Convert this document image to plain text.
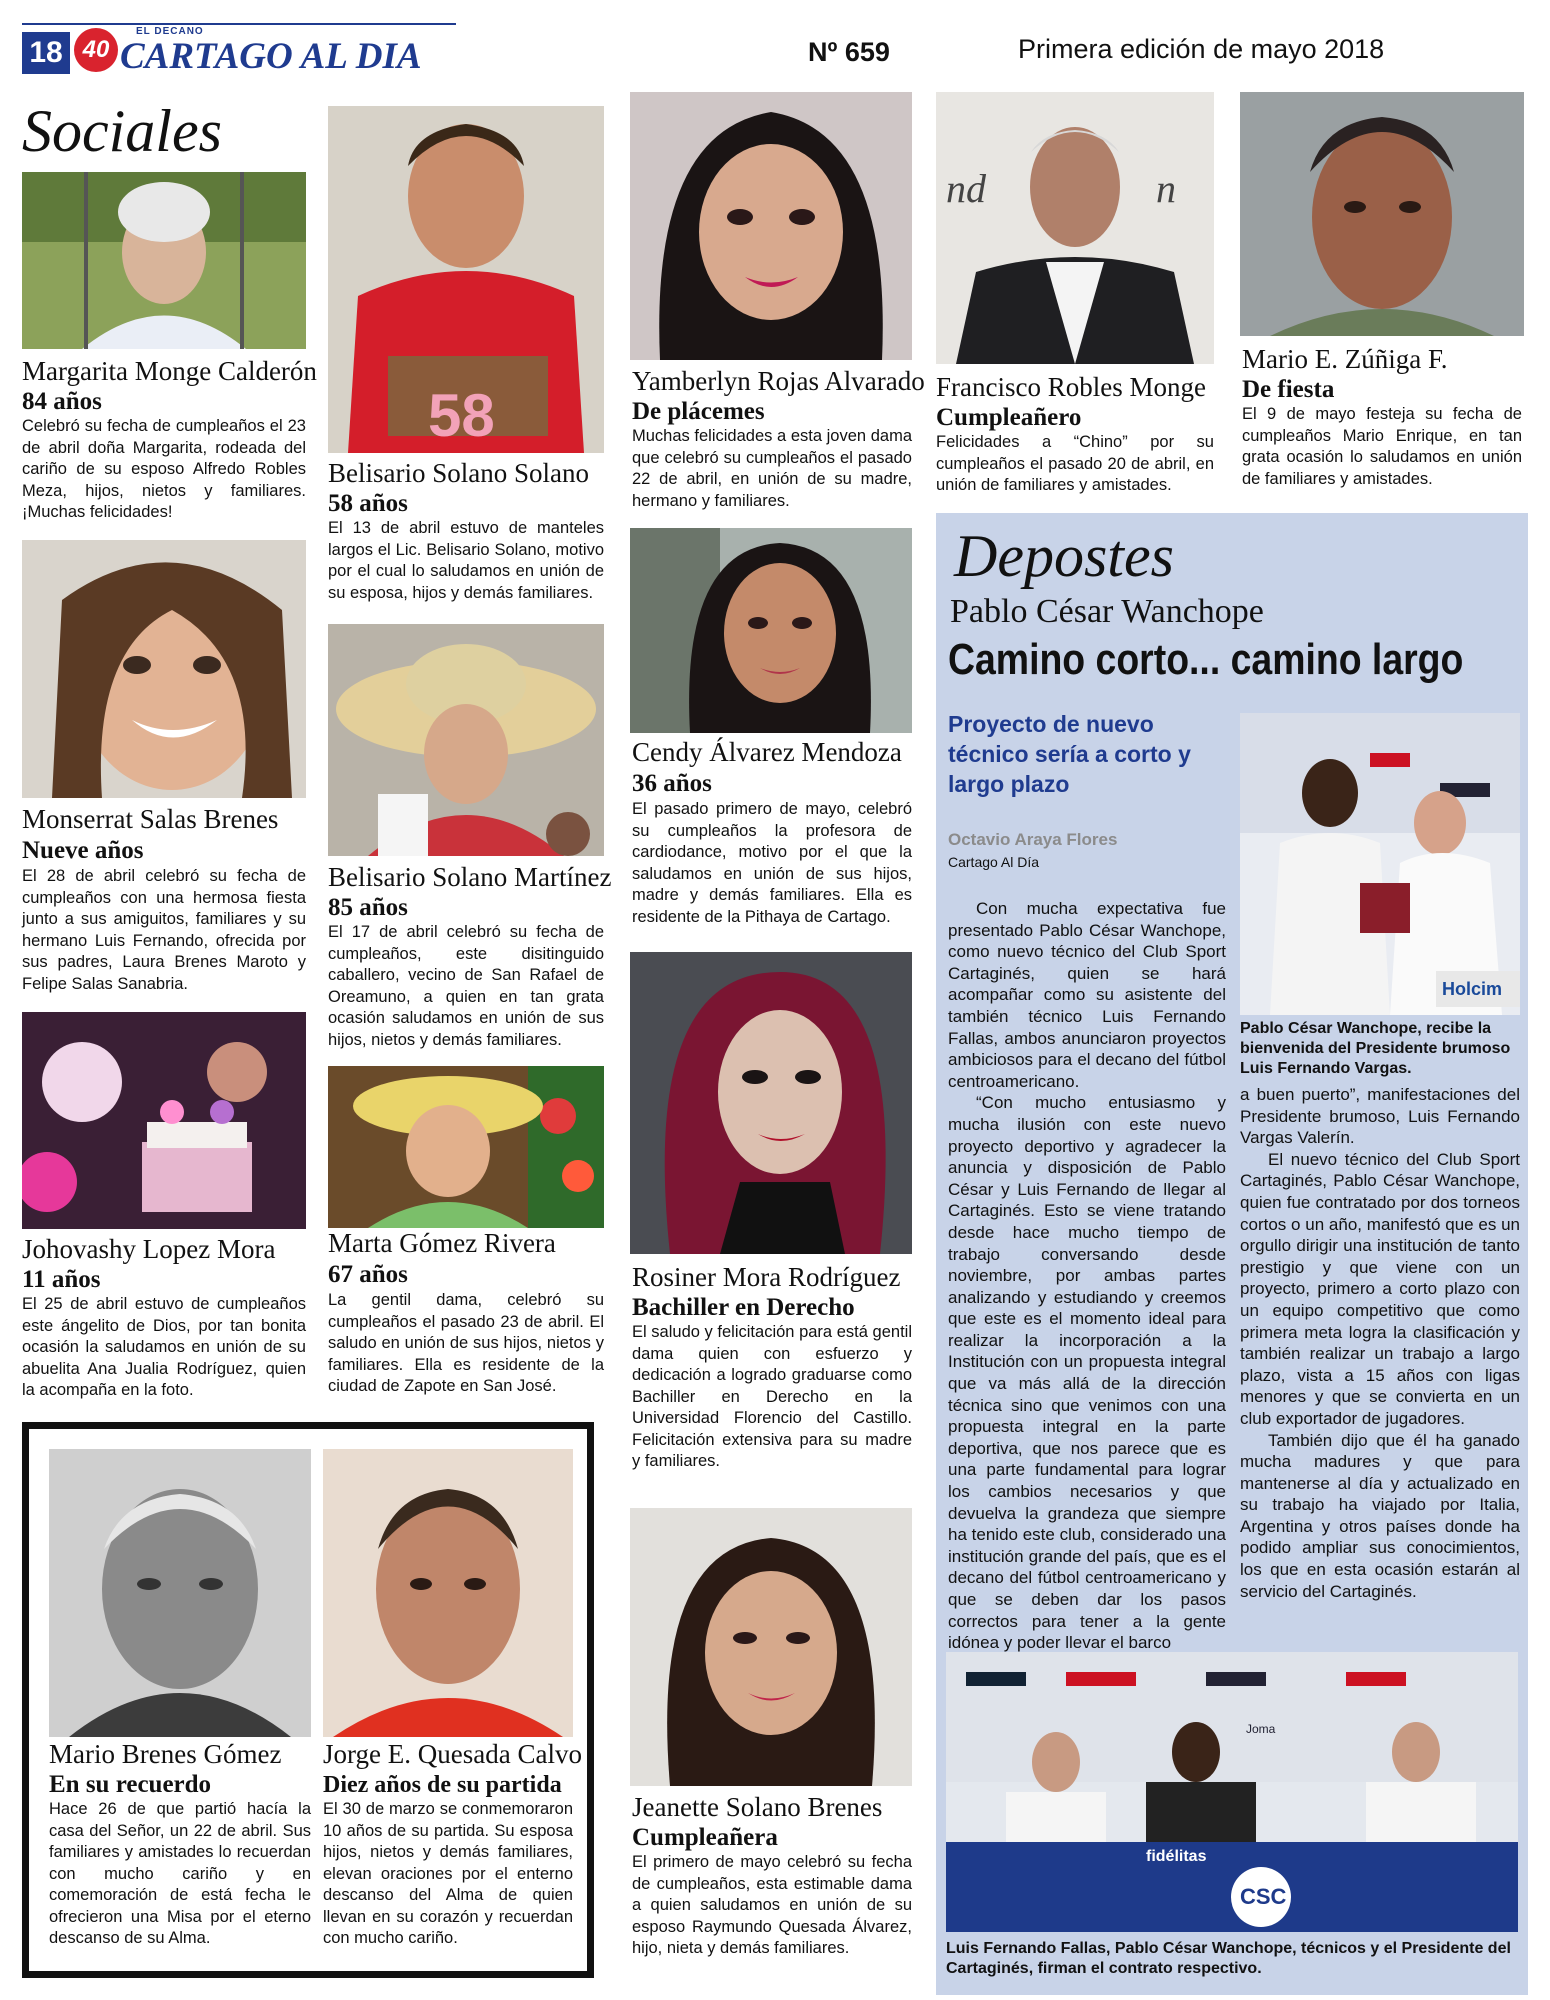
18 40
EL DECANO
CARTAGO AL DIA	Nº 659	Primera edición de mayo 2018
Sociales
Margarita Monge Calderón
84 años
Celebró su fecha de cumpleaños el 23 de abril doña Margarita, rodeada del cariño de su esposo Alfredo Robles Meza, hijos, nietos y familiares. ¡Muchas felicidades!
Monserrat Salas Brenes
Nueve años
El 28 de abril celebró su fecha de cumpleaños con una hermosa fiesta junto a sus amiguitos, familiares y su hermano Luis Fernando, ofrecida por sus padres, Laura Brenes Maroto y Felipe Salas Sanabria.
Johovashy Lopez Mora
11 años
El 25 de abril estuvo de cumpleaños este ángelito de Dios, por tan bonita ocasión la saludamos en unión de su abuelita Ana Jualia Rodríguez, quien la acompaña en la foto.
58
Belisario Solano Solano
58 años
El 13 de abril estuvo de manteles largos el Lic. Belisario Solano, motivo por el cual lo saludamos en unión de su esposa, hijos y demás familiares.
Belisario Solano Martínez
85 años
El 17 de abril celebró su fecha de cumpleaños, este disitinguido caballero, vecino de San Rafael de Oreamuno, a quien en tan grata ocasión saludamos en unión de sus hijos, nietos y demás familiares.
Marta Gómez Rivera
67 años
La gentil dama, celebró su cumpleaños el pasado 23 de abril. El saludo en unión de sus hijos, nietos y familiares. Ella es residente de la ciudad de Zapote en San José.
Yamberlyn Rojas Alvarado
De plácemes
Muchas felicidades a esta joven dama que celebró su cumpleaños el pasado 22 de abril, en unión de su madre, hermano y familiares.
Cendy Álvarez Mendoza
36 años
El pasado primero de mayo, celebró su cumpleaños la profesora de cardiodance, motivo por el que la saludamos en unión de sus hijos, madre y demás familiares. Ella es residente de la Pithaya de Cartago.
Rosiner Mora Rodríguez
Bachiller en Derecho
El saludo y felicitación para está gentil dama quien con esfuerzo y dedicación a logrado graduarse como Bachiller en Derecho en la Universidad Florencio del Castillo. Felicitación extensiva para su madre y familiares.
Jeanette Solano Brenes
Cumpleañera
El primero de mayo celebró su fecha de cumpleaños, esta estimable dama a quien saludamos en unión de su esposo Raymundo Quesada Álvarez, hijo, nieta y demás familiares.
nd	n
Francisco Robles Monge
Cumpleañero
Felicidades a “Chino” por su cumpleaños el pasado 20 de abril, en unión de familiares y amistades.
Mario E. Zúñiga F.
De fiesta
El 9 de mayo festeja su fecha de cumpleaños Mario Enrique, en tan grata ocasión lo saludamos en unión de familiares y amistades.
Mario Brenes Gómez
En su recuerdo
Hace 26 de que partió hacía la casa del Señor, un 22 de abril. Sus familiares y amistades lo recuerdan con mucho cariño y en comemoración de está fecha le ofrecieron una Misa por el eterno descanso de su Alma.
Jorge E. Quesada Calvo
Diez años de su partida
El 30 de marzo se conmemoraron 10 años de su partida. Su esposa hijos, nietos y demás familiares, elevan oraciones por el enterno descanso del Alma de quien llevan en su corazón y recuerdan con mucho cariño.
Depostes
Pablo César Wanchope
Camino corto... camino largo
Proyecto de nuevo técnico sería a corto y largo plazo
Octavio Araya Flores
Cartago Al Día

Con mucha expectativa fue presentado Pablo César Wanchope, como nuevo técnico del Club Sport Cartaginés, quien se hará acompañar como su asistente del también técnico Luis Fernando Fallas, ambos anunciaron proyectos ambiciosos para el decano del fútbol centroamericano.

“Con mucho entusiasmo y mucha ilusión con este nuevo proyecto deportivo y agradecer la anuncia y disposición de Pablo César y Luis Fernando de llegar al Cartaginés. Esto se viene tratando desde hace mucho tiempo de trabajo conversando desde noviembre, por ambas partes analizando y estudiando y creemos que este es el momento ideal para realizar la incorporación a la Institución con un propuesta integral que va más allá de la dirección técnica sino que venimos con una propuesta integral en la parte deportiva, que nos parece que es una parte fundamental para lograr los cambios necesarios y que devuelva la grandeza que siempre ha tenido este club, considerado una institución grande del país, que es el decano del fútbol centroamericano y que se deben dar los pasos correctos para tener a la gente idónea y poder llevar el barco

Holcim
Pablo César Wanchope, recibe la bienvenida del Presidente brumoso Luis Fernando Vargas.

a buen puerto”, manifestaciones del Presidente brumoso, Luis Fernando Vargas Valerín.

El nuevo técnico del Club Sport Cartaginés, Pablo César Wanchope, quien fue contratado por dos torneos cortos o un año, manifestó que es un orgullo dirigir una institución de tanto prestigio y que viene con un proyecto, primero a corto plazo con un equipo competitivo que como primera meta logra la clasificación y también realizar un trabajo a largo plazo, vista a 15 años con ligas menores y que se convierta en un club exportador de jugadores.

También dijo que él ha ganado mucha madures y que para mantenerse al día y actualizado en su trabajo ha viajado por Italia, Argentina y otros países donde ha podido ampliar sus conocimientos, los que en esta ocasión estarán al servicio del Cartaginés.

Joma
fidélitas
CSC
Luis Fernando Fallas, Pablo César Wanchope, técnicos y el Presidente del Cartaginés, firman el contrato respectivo.
